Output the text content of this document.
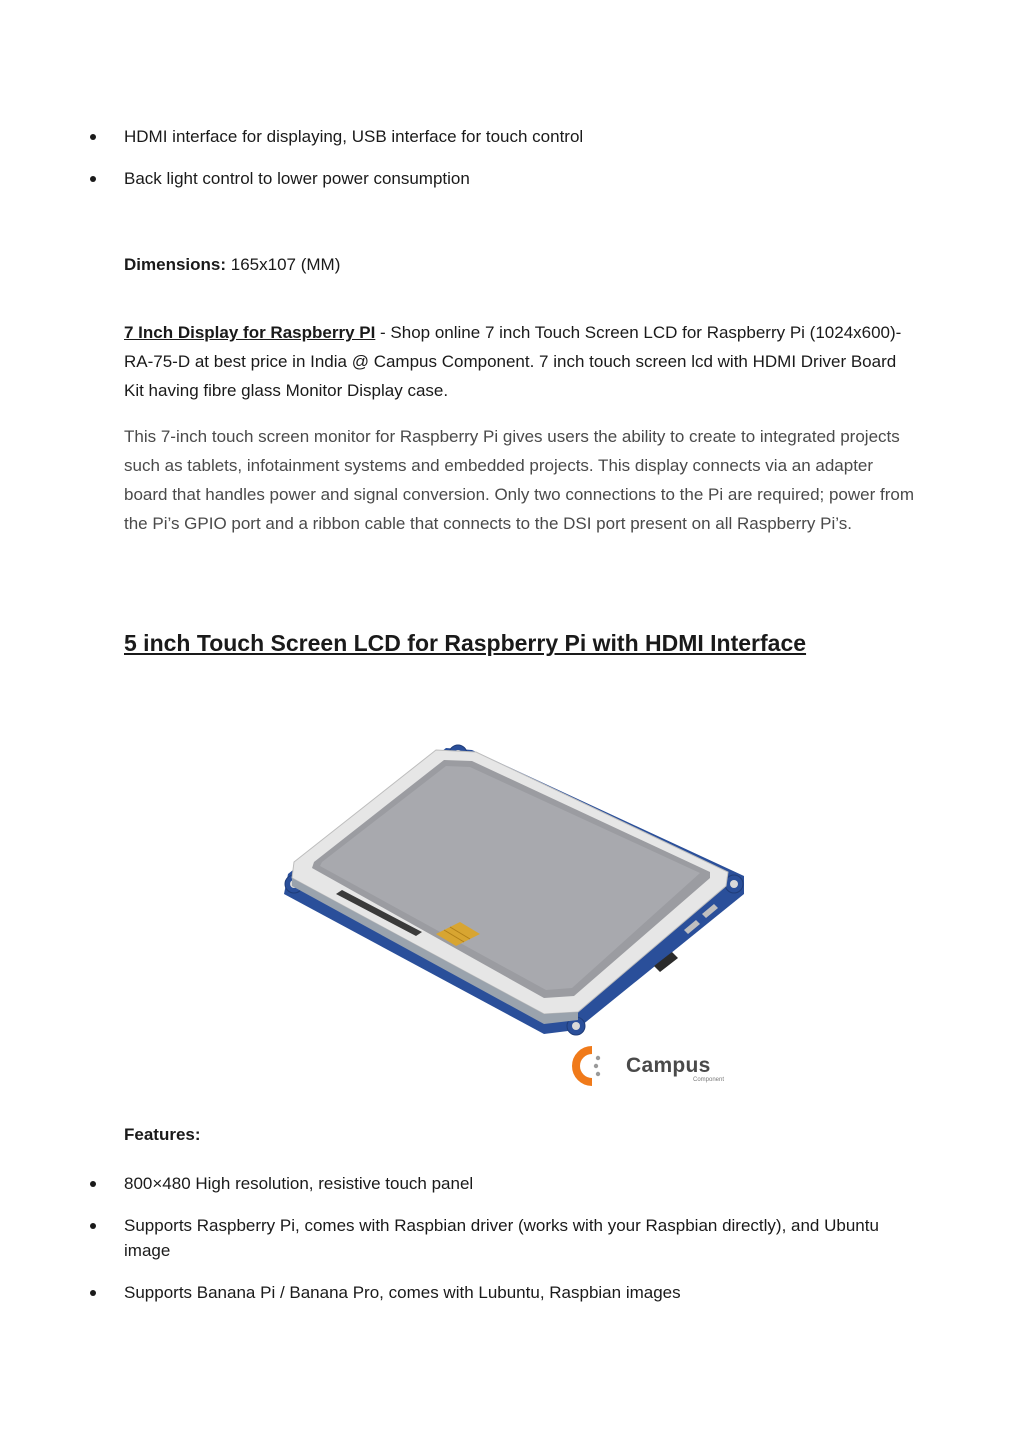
HDMI interface for displaying, USB interface for touch control
Back light control to lower power consumption
Dimensions: 165x107 (MM)
7 Inch Display for Raspberry PI - Shop online 7 inch Touch Screen LCD for Raspberry Pi (1024x600)-RA-75-D at best price in India @ Campus Component. 7 inch touch screen lcd with HDMI Driver Board Kit having fibre glass Monitor Display case.
This 7-inch touch screen monitor for Raspberry Pi gives users the ability to create to integrated projects such as tablets, infotainment systems and embedded projects. This display connects via an adapter board that handles power and signal conversion. Only two connections to the Pi are required; power from the Pi’s GPIO port and a ribbon cable that connects to the DSI port present on all Raspberry Pi’s.
5 inch Touch Screen LCD for Raspberry Pi with HDMI Interface
Campus
Component
Features:
800×480 High resolution, resistive touch panel
Supports Raspberry Pi, comes with Raspbian driver (works with your Raspbian directly), and Ubuntu image
Supports Banana Pi / Banana Pro, comes with Lubuntu, Raspbian images
